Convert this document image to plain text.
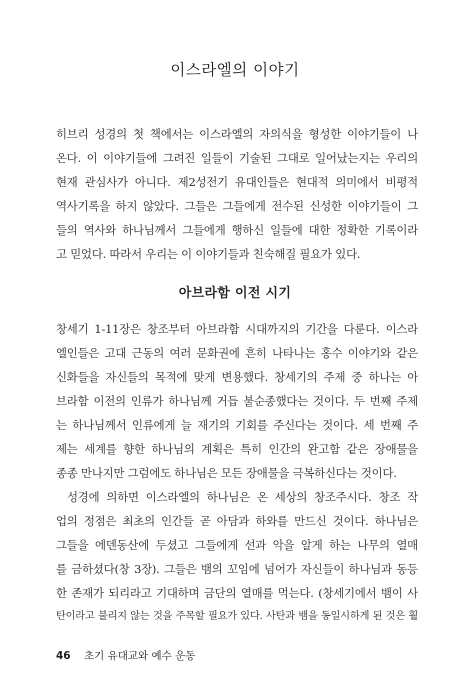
이스라엘의 이야기
히브리 성경의 첫 책에서는 이스라엘의 자의식을 형성한 이야기들이 나
온다. 이 이야기들에 그려진 일들이 기술된 그대로 일어났는지는 우리의
현재 관심사가 아니다. 제2성전기 유대인들은 현대적 의미에서 비평적
역사기록을 하지 않았다. 그들은 그들에게 전수된 신성한 이야기들이 그
들의 역사와 하나님께서 그들에게 행하신 일들에 대한 정확한 기록이라
고 믿었다. 따라서 우리는 이 이야기들과 친숙해질 필요가 있다.
아브라함 이전 시기
창세기 1-11장은 창조부터 아브라함 시대까지의 기간을 다룬다. 이스라
엘인들은 고대 근동의 여러 문화권에 흔히 나타나는 홍수 이야기와 같은
신화들을 자신들의 목적에 맞게 변용했다. 창세기의 주제 중 하나는 아
브라함 이전의 인류가 하나님께 거듭 불순종했다는 것이다. 두 번째 주제
는 하나님께서 인류에게 늘 재기의 기회를 주신다는 것이다. 세 번째 주
제는 세계를 향한 하나님의 계획은 특히 인간의 완고함 같은 장애물을
종종 만나지만 그럼에도 하나님은 모든 장애물을 극복하신다는 것이다.
성경에 의하면 이스라엘의 하나님은 온 세상의 창조주시다. 창조 작
업의 정점은 최초의 인간들 곧 아담과 하와를 만드신 것이다. 하나님은
그들을 에덴동산에 두셨고 그들에게 선과 악을 알게 하는 나무의 열매
를 금하셨다(창 3장). 그들은 뱀의 꼬임에 넘어가 자신들이 하나님과 동등
한 존재가 되리라고 기대하며 금단의 열매를 먹는다. (창세기에서 뱀이 사
탄이라고 불리지 않는 것을 주목할 필요가 있다. 사탄과 뱀을 동일시하게 된 것은 훨
46 초기 유대교와 예수 운동
